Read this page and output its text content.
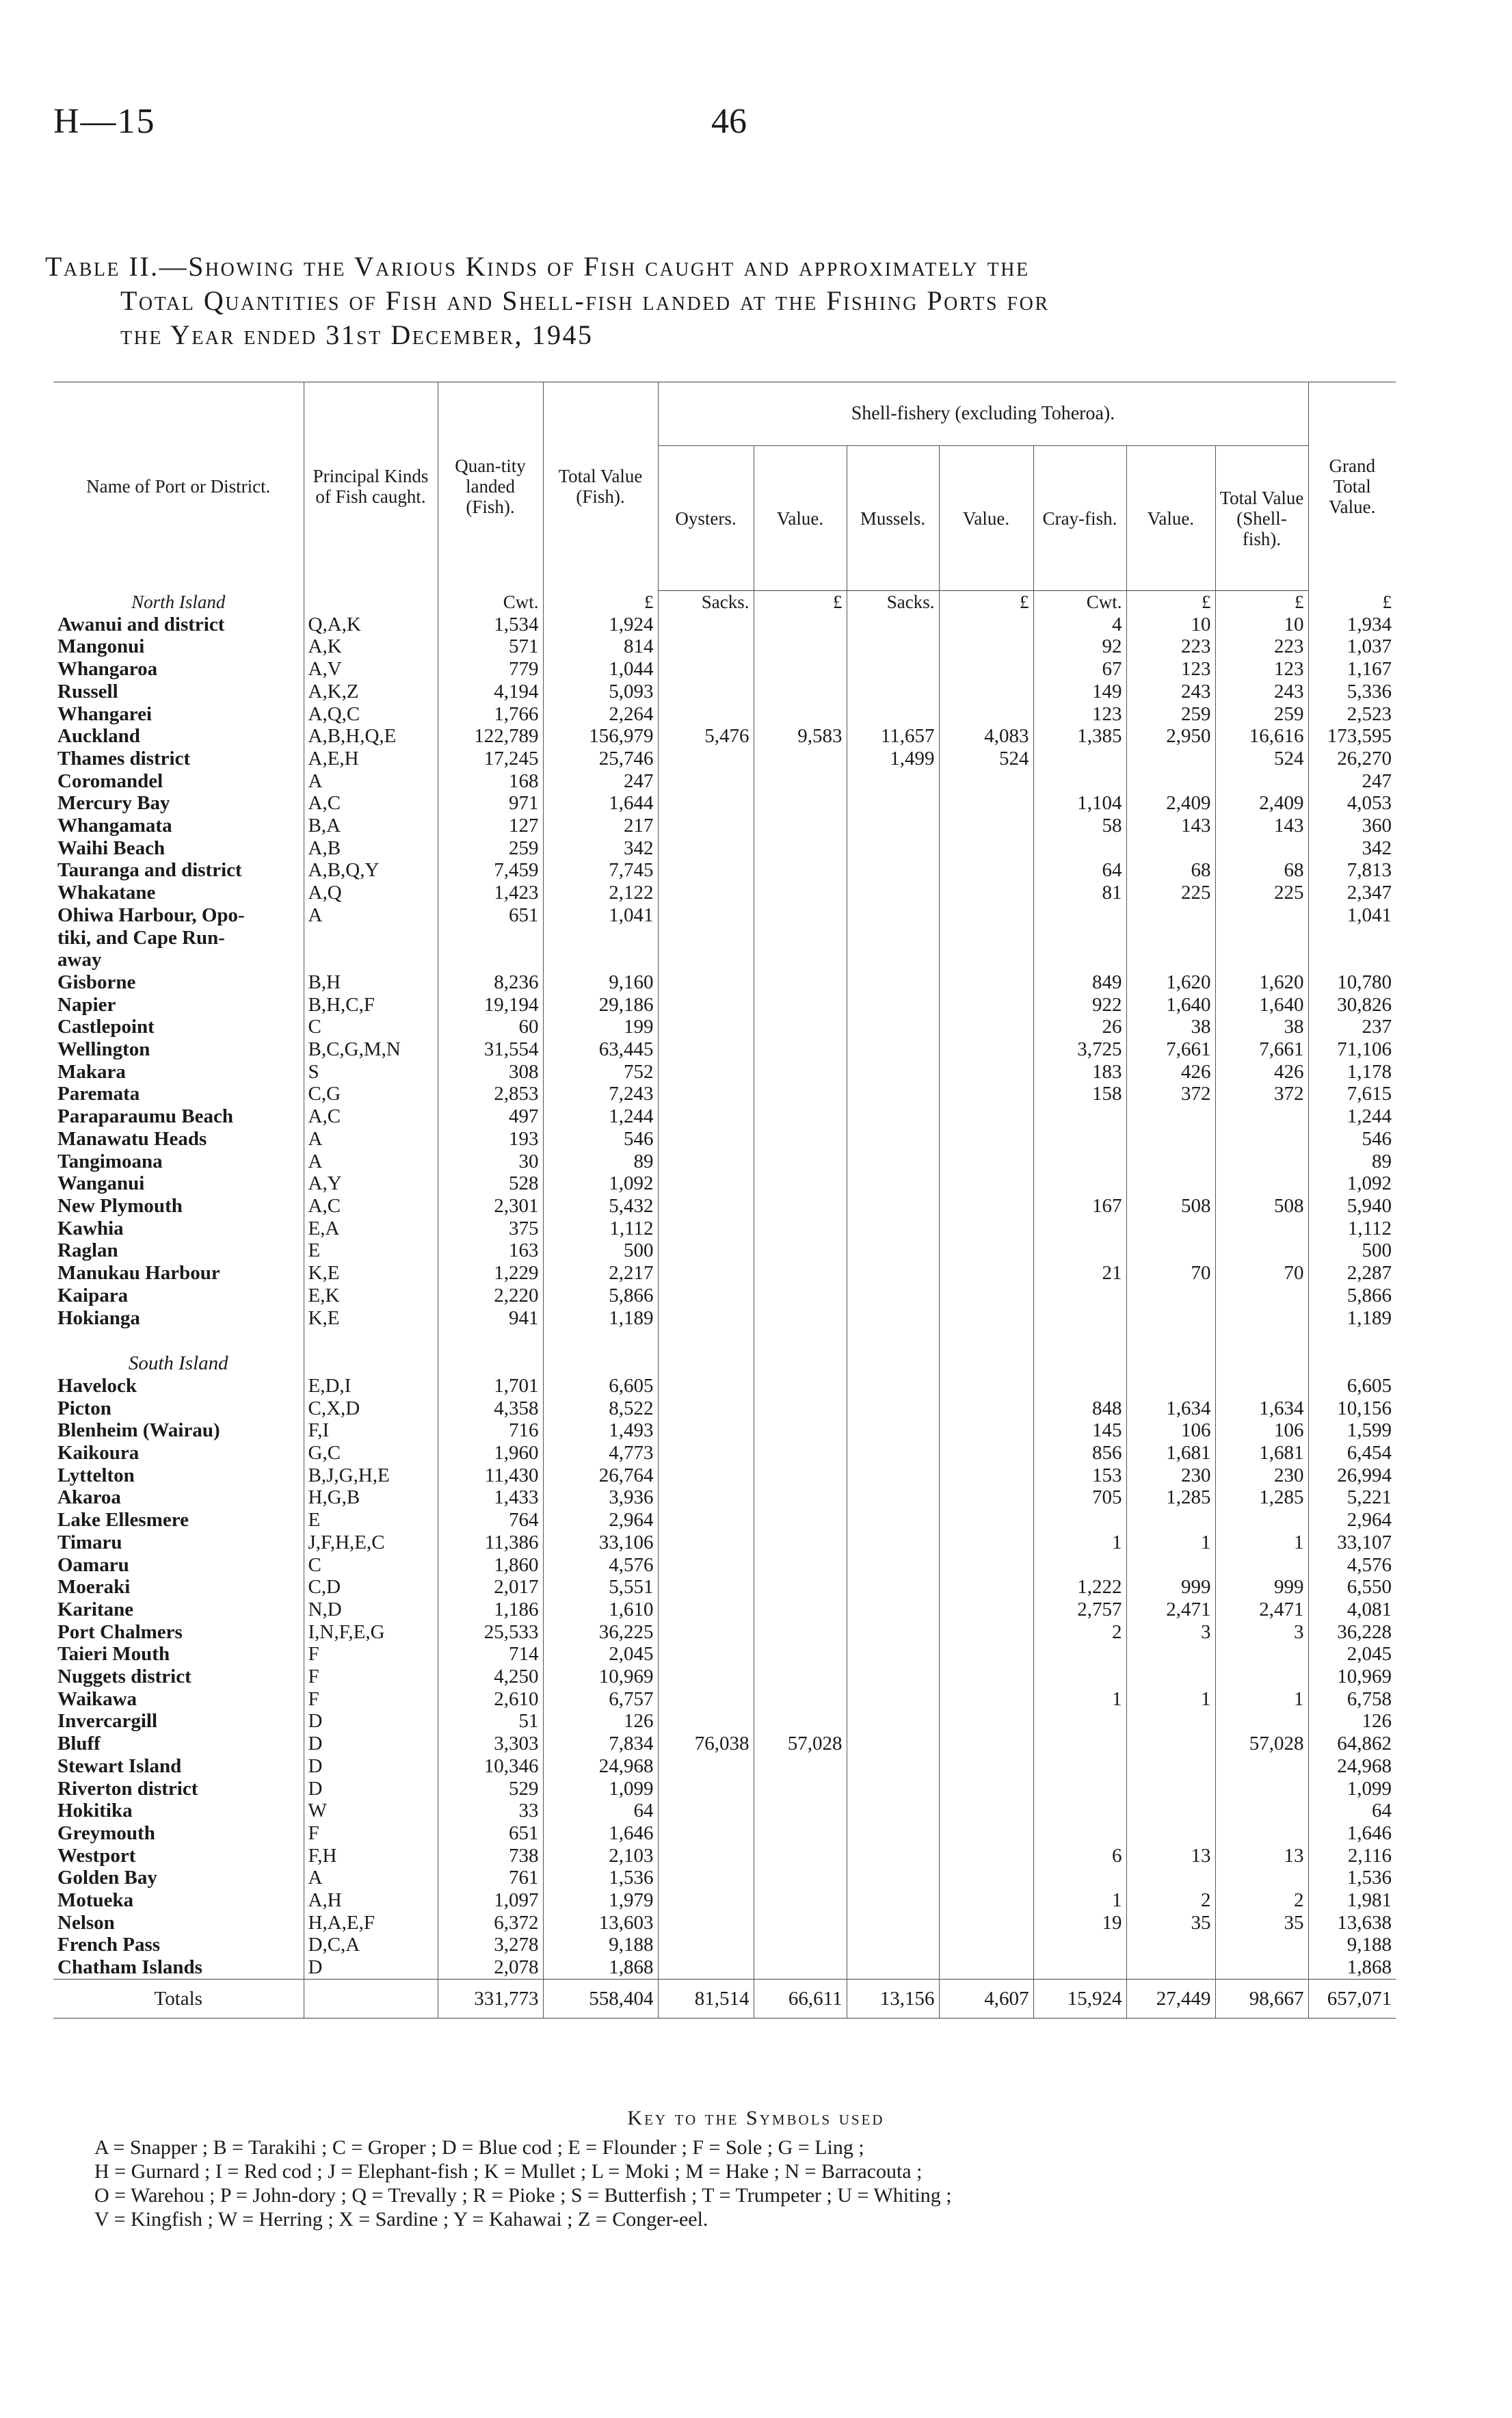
H—15	46
Table II.—Showing the Various Kinds of Fish caught and approximately the
Total Quantities of Fish and Shell-fish landed at the Fishing Ports for
the Year ended 31st December, 1945
Name of Port or District.	Principal Kinds of Fish caught.	Quan-tity landed (Fish).	Total Value (Fish).	Shell-fishery (excluding Toheroa).							Grand Total Value.
				Oysters.	Value.	Mussels.	Value.	Cray-fish.	Value.	Total Value (Shell-fish).	
North Island		Cwt.	£	Sacks.	£	Sacks.	£	Cwt.	£	£	£
Awanui and district	Q,A,K	1,534	1,924					4	10	10	1,934
Mangonui	A,K	571	814					92	223	223	1,037
Whangaroa	A,V	779	1,044					67	123	123	1,167
Russell	A,K,Z	4,194	5,093					149	243	243	5,336
Whangarei	A,Q,C	1,766	2,264					123	259	259	2,523
Auckland	A,B,H,Q,E	122,789	156,979	5,476	9,583	11,657	4,083	1,385	2,950	16,616	173,595
Thames district	A,E,H	17,245	25,746			1,499	524			524	26,270
Coromandel	A	168	247								247
Mercury Bay	A,C	971	1,644					1,104	2,409	2,409	4,053
Whangamata	B,A	127	217					58	143	143	360
Waihi Beach	A,B	259	342								342
Tauranga and district	A,B,Q,Y	7,459	7,745					64	68	68	7,813
Whakatane	A,Q	1,423	2,122					81	225	225	2,347
Ohiwa Harbour, Opo-	A	651	1,041								1,041
tiki, and Cape Run-											
away											
Gisborne	B,H	8,236	9,160					849	1,620	1,620	10,780
Napier	B,H,C,F	19,194	29,186					922	1,640	1,640	30,826
Castlepoint	C	60	199					26	38	38	237
Wellington	B,C,G,M,N	31,554	63,445					3,725	7,661	7,661	71,106
Makara	S	308	752					183	426	426	1,178
Paremata	C,G	2,853	7,243					158	372	372	7,615
Paraparaumu Beach	A,C	497	1,244								1,244
Manawatu Heads	A	193	546								546
Tangimoana	A	30	89								89
Wanganui	A,Y	528	1,092								1,092
New Plymouth	A,C	2,301	5,432					167	508	508	5,940
Kawhia	E,A	375	1,112								1,112
Raglan	E	163	500								500
Manukau Harbour	K,E	1,229	2,217					21	70	70	2,287
Kaipara	E,K	2,220	5,866								5,866
Hokianga	K,E	941	1,189								1,189

South Island											
Havelock	E,D,I	1,701	6,605								6,605
Picton	C,X,D	4,358	8,522					848	1,634	1,634	10,156
Blenheim (Wairau)	F,I	716	1,493					145	106	106	1,599
Kaikoura	G,C	1,960	4,773					856	1,681	1,681	6,454
Lyttelton	B,J,G,H,E	11,430	26,764					153	230	230	26,994
Akaroa	H,G,B	1,433	3,936					705	1,285	1,285	5,221
Lake Ellesmere	E	764	2,964								2,964
Timaru	J,F,H,E,C	11,386	33,106					1	1	1	33,107
Oamaru	C	1,860	4,576								4,576
Moeraki	C,D	2,017	5,551					1,222	999	999	6,550
Karitane	N,D	1,186	1,610					2,757	2,471	2,471	4,081
Port Chalmers	I,N,F,E,G	25,533	36,225					2	3	3	36,228
Taieri Mouth	F	714	2,045								2,045
Nuggets district	F	4,250	10,969								10,969
Waikawa	F	2,610	6,757					1	1	1	6,758
Invercargill	D	51	126								126
Bluff	D	3,303	7,834	76,038	57,028					57,028	64,862
Stewart Island	D	10,346	24,968								24,968
Riverton district	D	529	1,099								1,099
Hokitika	W	33	64								64
Greymouth	F	651	1,646								1,646
Westport	F,H	738	2,103					6	13	13	2,116
Golden Bay	A	761	1,536								1,536
Motueka	A,H	1,097	1,979					1	2	2	1,981
Nelson	H,A,E,F	6,372	13,603					19	35	35	13,638
French Pass	D,C,A	3,278	9,188								9,188
Chatham Islands	D	2,078	1,868								1,868
Totals		331,773	558,404	81,514	66,611	13,156	4,607	15,924	27,449	98,667	657,071
Key to the Symbols used
A = Snapper ; B = Tarakihi ; C = Groper ; D = Blue cod ; E = Flounder ; F = Sole ; G = Ling ;
H = Gurnard ; I = Red cod ; J = Elephant-fish ; K = Mullet ; L = Moki ; M = Hake ; N = Barracouta ;
O = Warehou ; P = John-dory ; Q = Trevally ; R = Pioke ; S = Butterfish ; T = Trumpeter ; U = Whiting ;
V = Kingfish ; W = Herring ; X = Sardine ; Y = Kahawai ; Z = Conger-eel.
